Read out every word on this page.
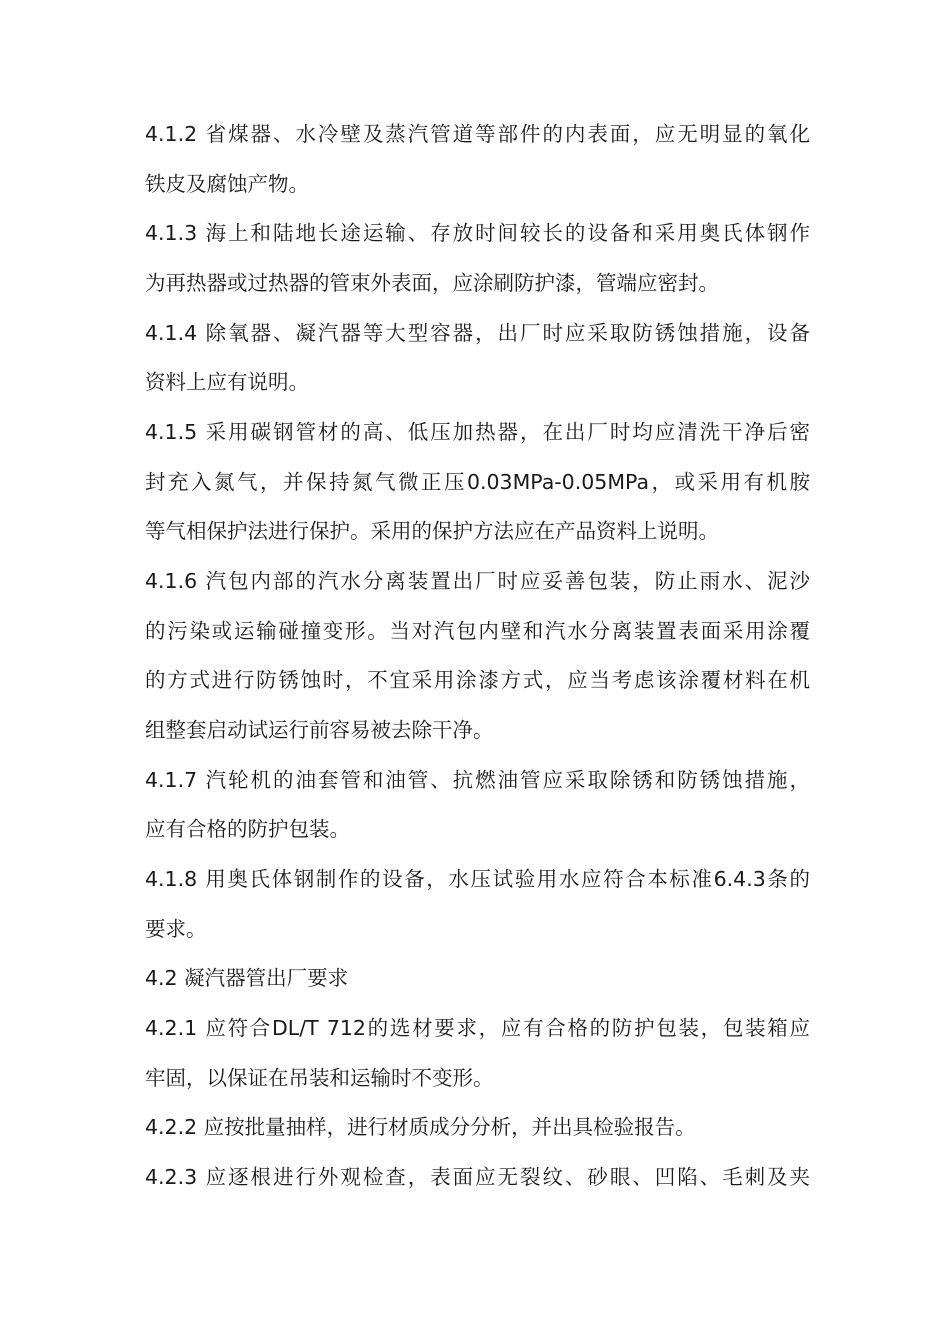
4.1.2 省煤器、水冷壁及蒸汽管道等部件的内表面，应无明显的氧化
铁皮及腐蚀产物。
4.1.3 海上和陆地长途运输、存放时间较长的设备和采用奥氏体钢作
为再热器或过热器的管束外表面，应涂刷防护漆，管端应密封。
4.1.4 除氧器、凝汽器等大型容器，出厂时应采取防锈蚀措施，设备
资料上应有说明。
4.1.5 采用碳钢管材的高、低压加热器，在出厂时均应清洗干净后密
封充入氮气，并保持氮气微正压0.03MPa-0.05MPa，或采用有机胺
等气相保护法进行保护。采用的保护方法应在产品资料上说明。
4.1.6 汽包内部的汽水分离装置出厂时应妥善包装，防止雨水、泥沙
的污染或运输碰撞变形。当对汽包内壁和汽水分离装置表面采用涂覆
的方式进行防锈蚀时，不宜采用涂漆方式，应当考虑该涂覆材料在机
组整套启动试运行前容易被去除干净。
4.1.7 汽轮机的油套管和油管、抗燃油管应采取除锈和防锈蚀措施，
应有合格的防护包装。
4.1.8 用奥氏体钢制作的设备，水压试验用水应符合本标准6.4.3条的
要求。
4.2 凝汽器管出厂要求
4.2.1 应符合DL/T 712的选材要求，应有合格的防护包装，包装箱应
牢固，以保证在吊装和运输时不变形。
4.2.2 应按批量抽样，进行材质成分分析，并出具检验报告。
4.2.3 应逐根进行外观检查，表面应无裂纹、砂眼、凹陷、毛刺及夹
